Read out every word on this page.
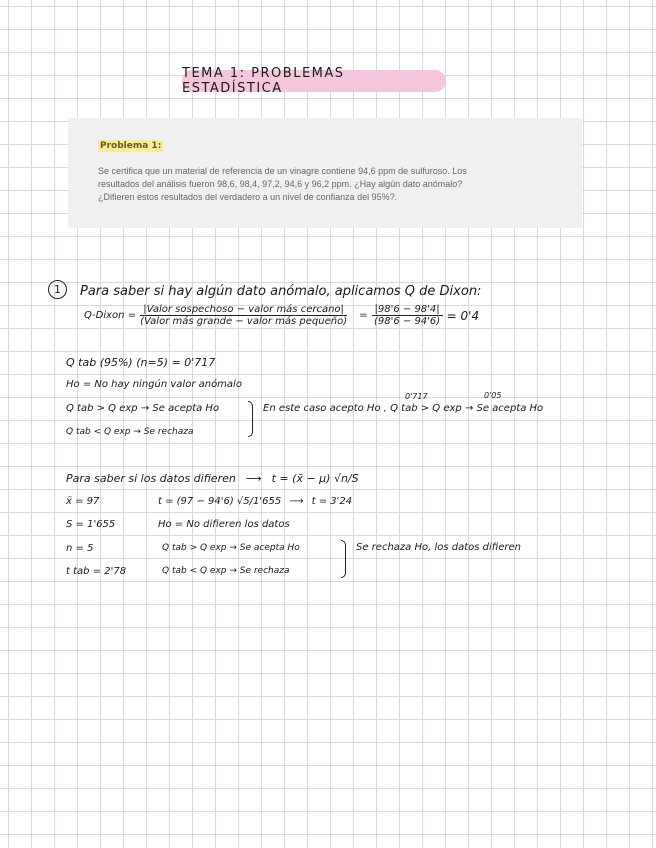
TEMA 1: PROBLEMAS ESTADÍSTICA
Problema 1:
Se certifica que un material de referencia de un vinagre contiene 94,6 ppm de sulfuroso. Los
resultados del análisis fueron 98,6, 98,4, 97,2, 94,6 y 96,2 ppm. ¿Hay algún dato anómalo?
¿Difieren estos resultados del verdadero a un nivel de confianza del 95%?.
1 Para saber si hay algún dato anómalo, aplicamos Q de Dixon:
Q-Dixon = $\frac{\text{|Valor sospechoso − valor más cercano|}}{\text{(Valor más grande − valor más pequeño)}} = \frac{|98'6 - 98'4|}{(98'6 - 94'6)} = 0'4$
Q tab (95%) (n=5) = 0'717
Ho = No hay ningún valor anómalo
Q tab > Q exp → Se acepta Ho
Q tab < Q exp → Se rechaza
En este caso acepto Ho , Q tab > Q exp → Se acepta Ho
0'717	0'05
Para saber si los datos difieren ⟶ t = (x̄ − μ) √n/S
x̄ = 97	t = (97 − 94'6) √5/1'655 ⟶ t = 3'24
S = 1'655	Ho = No difieren los datos
n = 5	Q tab > Q exp → Se acepta Ho
t tab = 2'78	Q tab < Q exp → Se rechaza
Se rechaza Ho, los datos difieren
